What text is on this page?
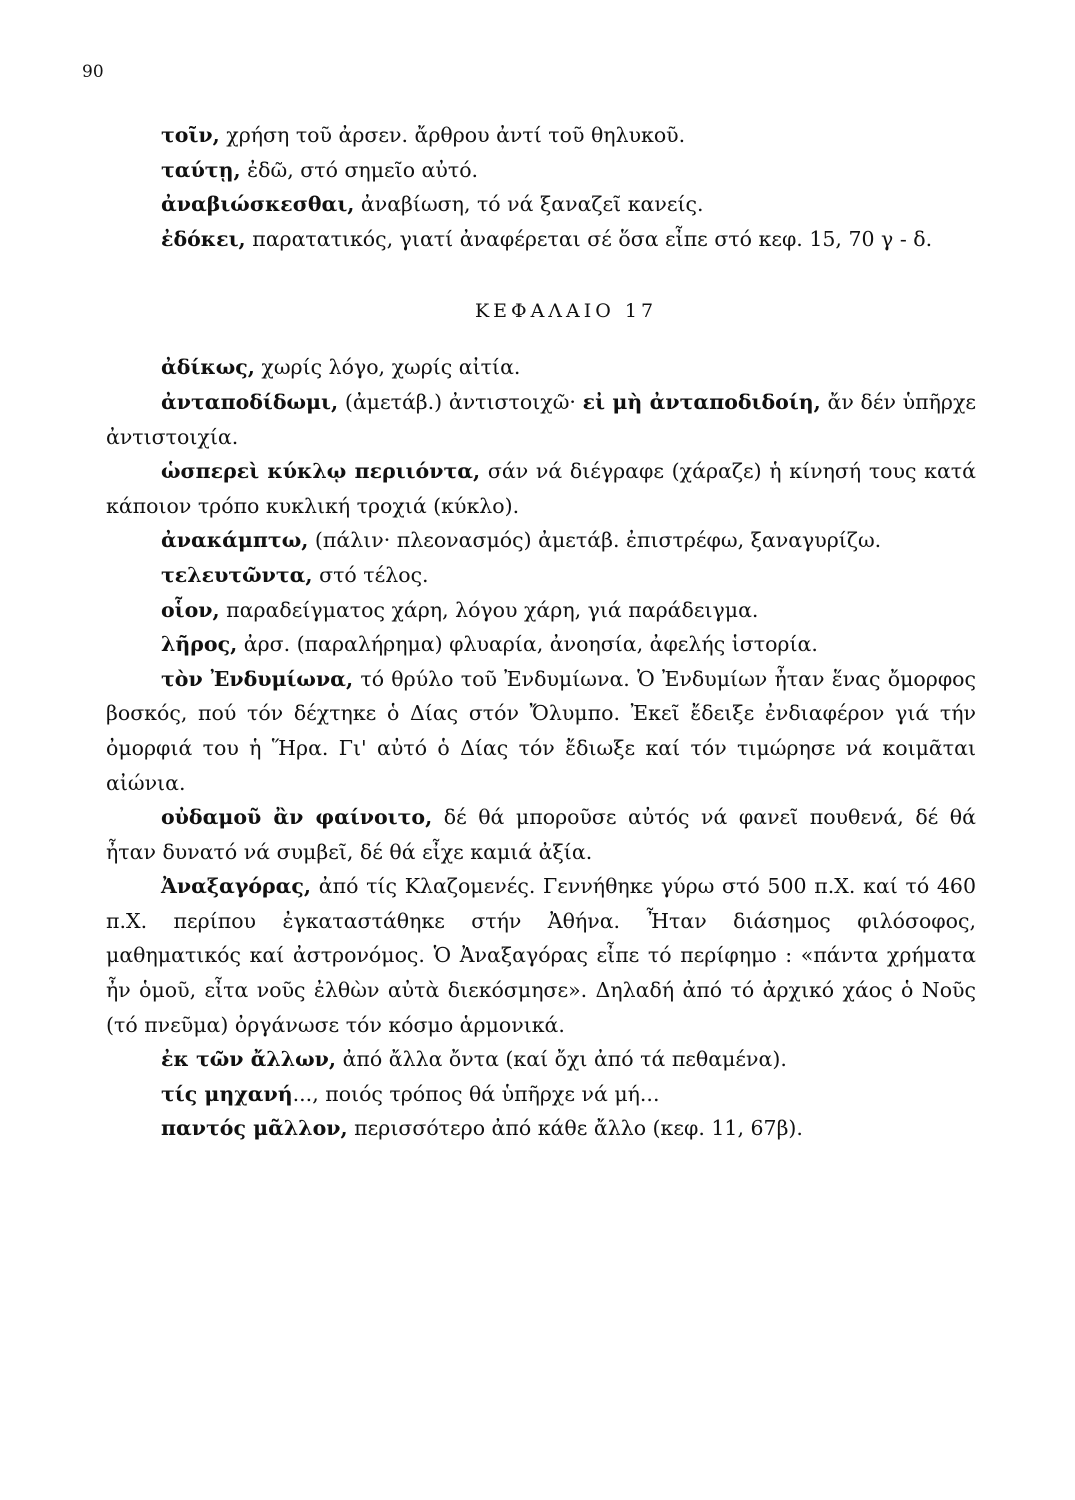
90

τοῖν, χρήση τοῦ ἀρσεν. ἄρθρου ἀντί τοῦ θηλυκοῦ.

ταύτῃ, ἐδῶ, στό σημεῖο αὐτό.

ἀναβιώσκεσθαι, ἀναβίωση, τό νά ξαναζεῖ κανείς.

ἐδόκει, παρατατικός, γιατί ἀναφέρεται σέ ὅσα εἶπε στό κεφ. 15, 70 γ - δ.

ΚΕΦΑΛΑΙΟ 17

ἀδίκως, χωρίς λόγο, χωρίς αἰτία.

ἀνταποδίδωμι, (ἀμετάβ.) ἀντιστοιχῶ· εἰ μὴ ἀνταποδιδοίη, ἄν δέν ὑπῆρχε ἀντιστοιχία.

ὡσπερεὶ κύκλῳ περιιόντα, σάν νά διέγραφε (χάραζε) ἡ κίνησή τους κατά κάποιον τρόπο κυκλική τροχιά (κύκλο).

ἀνακάμπτω, (πάλιν· πλεονασμός) ἀμετάβ. ἐπιστρέφω, ξαναγυρίζω.

τελευτῶντα, στό τέλος.

οἷον, παραδείγματος χάρη, λόγου χάρη, γιά παράδειγμα.

λῆρος, ἀρσ. (παραλήρημα) φλυαρία, ἀνοησία, ἀφελής ἱστορία.

τὸν Ἐνδυμίωνα, τό θρύλο τοῦ Ἐνδυμίωνα. Ὁ Ἐνδυμίων ἦταν ἕνας ὄμορφος βοσκός, πού τόν δέχτηκε ὁ Δίας στόν Ὄλυμπο. Ἐκεῖ ἔδειξε ἐνδιαφέρον γιά τήν ὀμορφιά του ἡ Ἥρα. Γι' αὐτό ὁ Δίας τόν ἔδιωξε καί τόν τιμώρησε νά κοιμᾶται αἰώνια.

οὐδαμοῦ ἂν φαίνοιτο, δέ θά μποροῦσε αὐτός νά φανεῖ πουθενά, δέ θά ἦταν δυνατό νά συμβεῖ, δέ θά εἶχε καμιά ἀξία.

Ἀναξαγόρας, ἀπό τίς Κλαζομενές. Γεννήθηκε γύρω στό 500 π.Χ. καί τό 460 π.Χ. περίπου ἐγκαταστάθηκε στήν Ἀθήνα. Ἦταν διάσημος φιλόσοφος, μαθηματικός καί ἀστρονόμος. Ὁ Ἀναξαγόρας εἶπε τό περίφημο : «πάντα χρήματα ἦν ὁμοῦ, εἶτα νοῦς ἐλθὼν αὐτὰ διεκόσμησε». Δηλαδή ἀπό τό ἀρχικό χάος ὁ Νοῦς (τό πνεῦμα) ὀργάνωσε τόν κόσμο ἁρμονικά.

ἐκ τῶν ἄλλων, ἀπό ἄλλα ὄντα (καί ὄχι ἀπό τά πεθαμένα).

τίς μηχανή..., ποιός τρόπος θά ὑπῆρχε νά μή...

παντός μᾶλλον, περισσότερο ἀπό κάθε ἄλλο (κεφ. 11, 67β).
